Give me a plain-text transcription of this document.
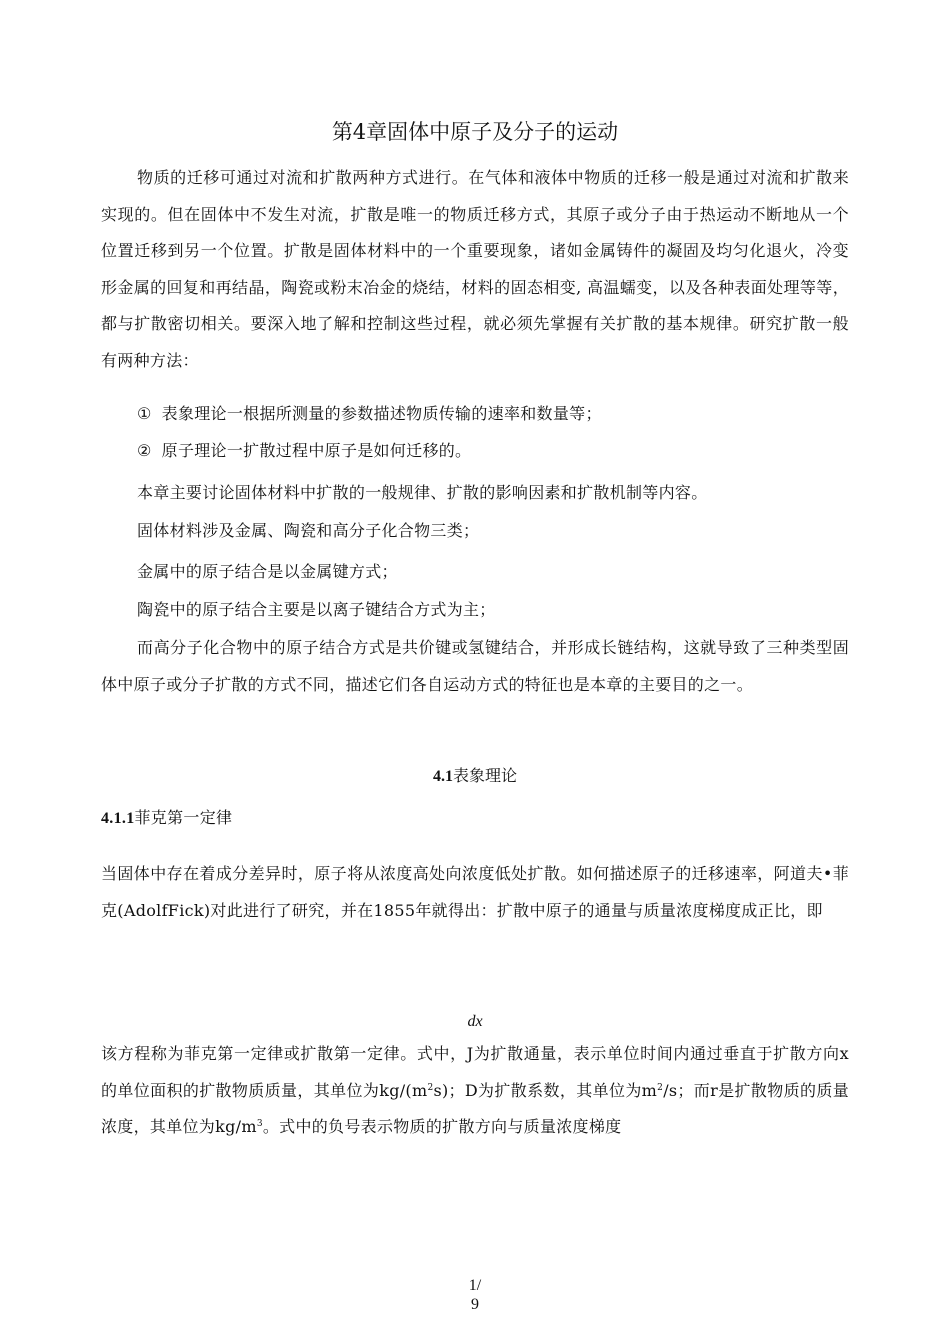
第4章固体中原子及分子的运动
物质的迁移可通过对流和扩散两种方式进行。在气体和液体中物质的迁移一般是通过对流和扩散来实现的。但在固体中不发生对流，扩散是唯一的物质迁移方式，其原子或分子由于热运动不断地从一个位置迁移到另一个位置。扩散是固体材料中的一个重要现象，诸如金属铸件的凝固及均匀化退火，冷变形金属的回复和再结晶，陶瓷或粉末冶金的烧结，材料的固态相变, 高温蠕变，以及各种表面处理等等，都与扩散密切相关。要深入地了解和控制这些过程，就必须先掌握有关扩散的基本规律。研究扩散一般有两种方法：
① 表象理论一根据所测量的参数描述物质传输的速率和数量等；
② 原子理论一扩散过程中原子是如何迁移的。
本章主要讨论固体材料中扩散的一般规律、扩散的影响因素和扩散机制等内容。
固体材料涉及金属、陶瓷和高分子化合物三类；
金属中的原子结合是以金属键方式；
陶瓷中的原子结合主要是以离子键结合方式为主；
而高分子化合物中的原子结合方式是共价键或氢键结合，并形成长链结构，这就导致了三种类型固体中原子或分子扩散的方式不同，描述它们各自运动方式的特征也是本章的主要目的之一。
4.1表象理论
4.1.1菲克第一定律
当固体中存在着成分差异时，原子将从浓度高处向浓度低处扩散。如何描述原子的迁移速率，阿道夫•菲克(AdolfFick)对此进行了研究，并在1855年就得出：扩散中原子的通量与质量浓度梯度成正比，即
dx
该方程称为菲克第一定律或扩散第一定律。式中，J为扩散通量，表示单位时间内通过垂直于扩散方向x的单位面积的扩散物质质量，其单位为$kg/(m^2s)$；D为扩散系数，其单位为$m^2/s$；而r是扩散物质的质量浓度，其单位为$kg/m^3$。式中的负号表示物质的扩散方向与质量浓度梯度
1/
9
